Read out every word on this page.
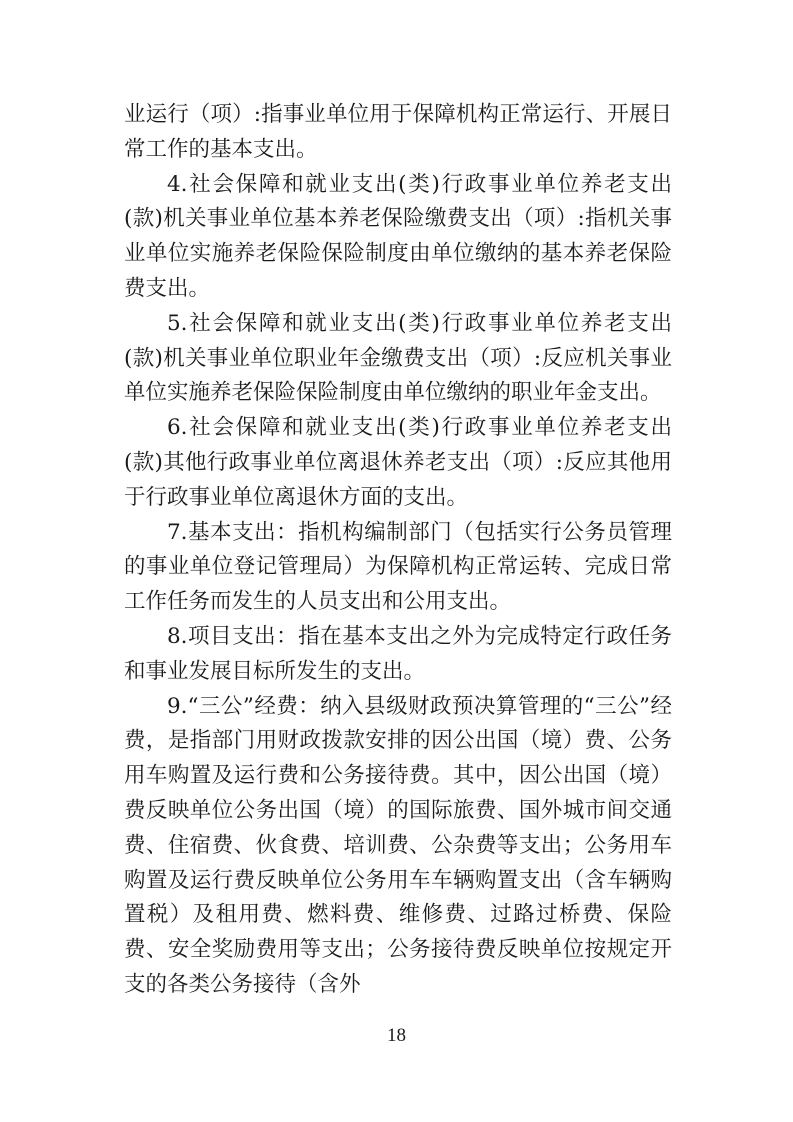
业运行（项）:指事业单位用于保障机构正常运行、开展日常工作的基本支出。

4.社会保障和就业支出(类)行政事业单位养老支出(款)机关事业单位基本养老保险缴费支出（项）:指机关事业单位实施养老保险保险制度由单位缴纳的基本养老保险费支出。

5.社会保障和就业支出(类)行政事业单位养老支出(款)机关事业单位职业年金缴费支出（项）:反应机关事业单位实施养老保险保险制度由单位缴纳的职业年金支出。

6.社会保障和就业支出(类)行政事业单位养老支出(款)其他行政事业单位离退休养老支出（项）:反应其他用于行政事业单位离退休方面的支出。

7.基本支出：指机构编制部门（包括实行公务员管理的事业单位登记管理局）为保障机构正常运转、完成日常工作任务而发生的人员支出和公用支出。

8.项目支出：指在基本支出之外为完成特定行政任务和事业发展目标所发生的支出。

9.“三公”经费：纳入县级财政预决算管理的“三公”经费，是指部门用财政拨款安排的因公出国（境）费、公务用车购置及运行费和公务接待费。其中，因公出国（境）费反映单位公务出国（境）的国际旅费、国外城市间交通费、住宿费、伙食费、培训费、公杂费等支出；公务用车购置及运行费反映单位公务用车车辆购置支出（含车辆购置税）及租用费、燃料费、维修费、过路过桥费、保险费、安全奖励费用等支出；公务接待费反映单位按规定开支的各类公务接待（含外

18
